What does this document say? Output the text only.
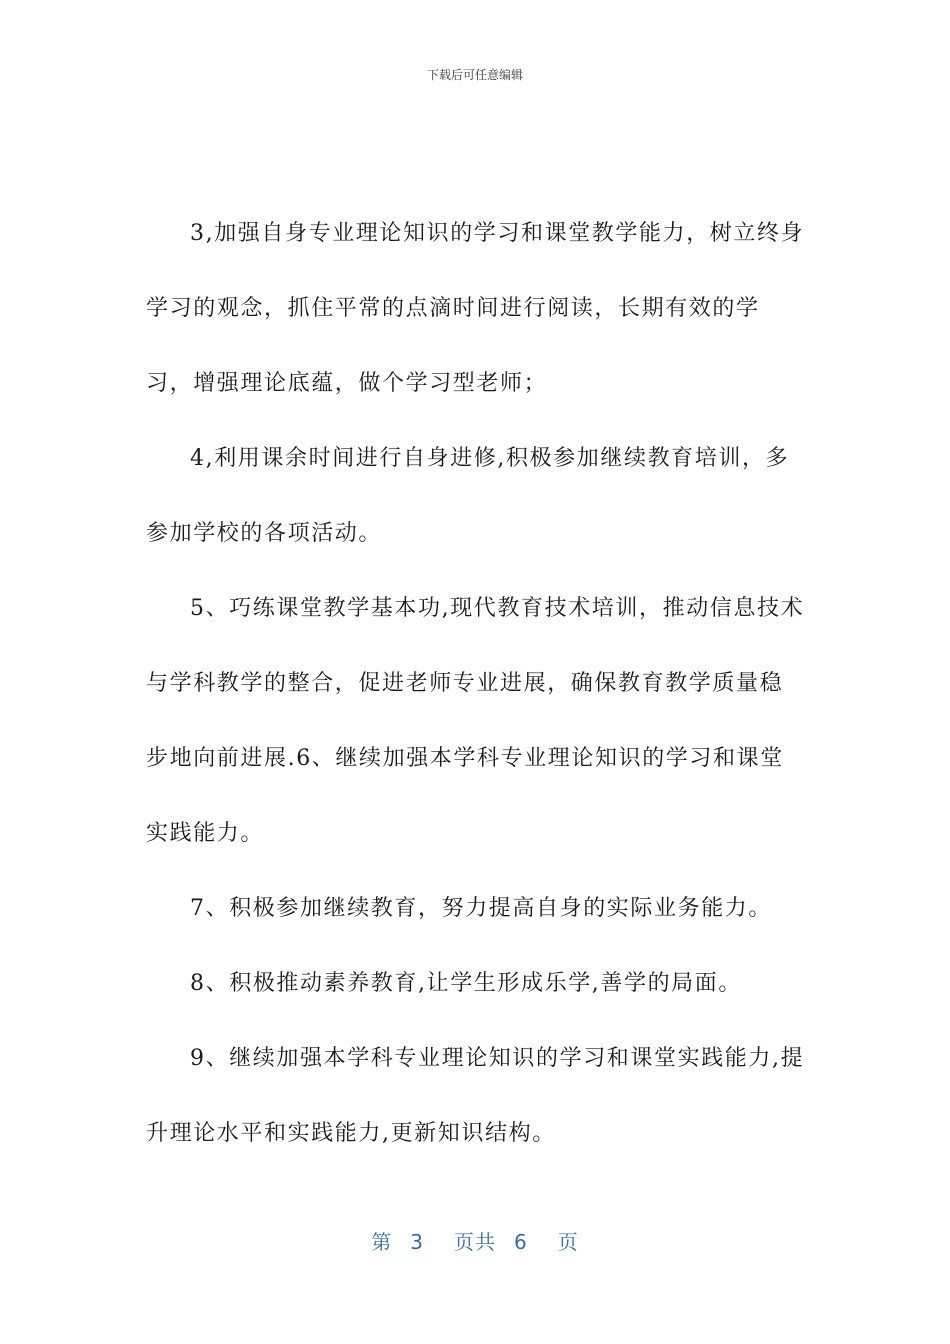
下载后可任意编辑

3,加强自身专业理论知识的学习和课堂教学能力，树立终身学习的观念，抓住平常的点滴时间进行阅读，长期有效的学习，增强理论底蕴，做个学习型老师；

4,利用课余时间进行自身进修,积极参加继续教育培训，多参加学校的各项活动。

5、巧练课堂教学基本功,现代教育技术培训，推动信息技术与学科教学的整合，促进老师专业进展，确保教育教学质量稳步地向前进展.6、继续加强本学科专业理论知识的学习和课堂实践能力。

7、积极参加继续教育，努力提高自身的实际业务能力。

8、积极推动素养教育,让学生形成乐学,善学的局面。

9、继续加强本学科专业理论知识的学习和课堂实践能力,提升理论水平和实践能力,更新知识结构。

第 3 页共 6 页
